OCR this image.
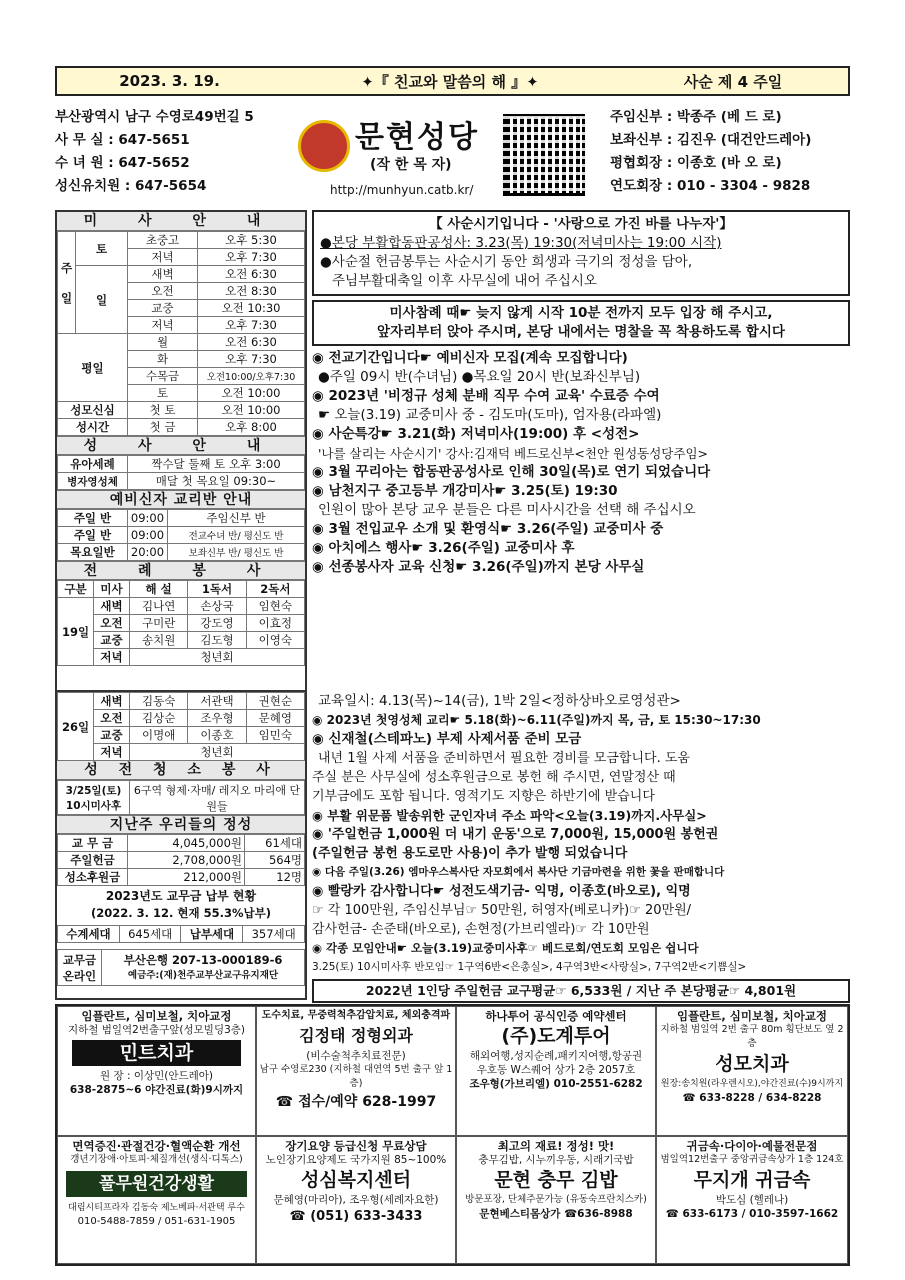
2023. 3. 19.	✦『 친교와 말씀의 해 』✦	사순 제 4 주일
부산광역시 남구 수영로49번길 5
사 무 실 : 647-5651
수 녀 원 : 647-5652
성신유치원 : 647-5654
문현성당
(작 한 목 자)
http://munhyun.catb.kr/
주임신부 : 박종주 (베 드 로)
보좌신부 : 김진우 (대건안드레아)
평협회장 : 이종호 (바 오 로)
연도회장 : 010 - 3304 - 9828
미 사 안 내
주

일	토	초중고	오후 5:30
		저녁	오후 7:30
	일	새벽	오전 6:30
		오전	오전 8:30
		교중	오전 10:30
		저녁	오후 7:30
평일		월	오전 6:30
		화	오후 7:30
		수목금	오전10:00/오후7:30
		토	오전 10:00
성모신심		첫 토	오전 10:00
성시간		첫 금	오후 8:00
성 사 안 내
유아세례	짝수달 둘째 토 오후 3:00
병자영성체	매달 첫 목요일 09:30~
예비신자 교리반 안내
주일 반	09:00	주임신부 반
주일 반	09:00	전교수녀 반/ 평신도 반
목요일반	20:00	보좌신부 반/ 평신도 반
전 례 봉 사
구분	미사	해 설	1독서	2독서
19일	새벽	김나연	손상국	임현숙
	오전	구미란	강도영	이효정
	교중	송치원	김도형	이영숙
	저녁	청년회		
26일	새벽	김동숙	서관택	권현순
	오전	김상순	조우형	문혜영
	교중	이명애	이종호	임민숙
	저녁	청년회		
성 전 청 소 봉 사
3/25일(토) 10시미사후	6구역 형제·자매/ 레지오 마리애 단원들
지난주 우리들의 정성
교 무 금	4,045,000원	61세대
주일헌금	2,708,000원	564명
성소후원금	212,000원	12명
2023년도 교무금 납부 현황
(2022. 3. 12. 현재 55.3%납부)
수계세대	645세대	납부세대	357세대
교무금 온라인	
부산은행 207-13-000189-6
예금주:(재)천주교부산교구유지재단
【 사순시기입니다 - '사랑으로 가진 바를 나누자'】
●본당 부활합동판공성사: 3.23(목) 19:30(저녁미사는 19:00 시작)
●사순절 헌금봉투는 사순시기 동안 희생과 극기의 정성을 담아,
주님부활대축일 이후 사무실에 내어 주십시오
미사참례 때☛ 늦지 않게 시작 10분 전까지 모두 입장 해 주시고,
앞자리부터 앉아 주시며, 본당 내에서는 명찰을 꼭 착용하도록 합시다
◉ 전교기간입니다☛ 예비신자 모집(계속 모집합니다)
●주일 09시 반(수녀님) ●목요일 20시 반(보좌신부님)
◉ 2023년 '비정규 성체 분배 직무 수여 교육' 수료증 수여
☛ 오늘(3.19) 교중미사 중 - 김도마(도마), 엄자용(라파엘)
◉ 사순특강☛ 3.21(화) 저녁미사(19:00) 후 <성전>
'나를 살리는 사순시기' 강사:김재덕 베드로신부<천안 원성동성당주임>
◉ 3월 꾸리아는 합동판공성사로 인해 30일(목)로 연기 되었습니다
◉ 남천지구 중고등부 개강미사☛ 3.25(토) 19:30
인원이 많아 본당 교우 분들은 다른 미사시간을 선택 해 주십시오
◉ 3월 전입교우 소개 및 환영식☛ 3.26(주일) 교중미사 중
◉ 아치에스 행사☛ 3.26(주일) 교중미사 후
◉ 선종봉사자 교육 신청☛ 3.26(주일)까지 본당 사무실
교육일시: 4.13(목)~14(금), 1박 2일<정하상바오로영성관>
◉ 2023년 첫영성체 교리☛ 5.18(화)~6.11(주일)까지 목, 금, 토 15:30~17:30
◉ 신재철(스테파노) 부제 사제서품 준비 모금
내년 1월 사제 서품을 준비하면서 필요한 경비를 모금합니다. 도움
주실 분은 사무실에 성소후원금으로 봉헌 해 주시면, 연말정산 때
기부금에도 포함 됩니다. 영적기도 지향은 하반기에 받습니다
◉ 부활 위문품 발송위한 군인자녀 주소 파악<오늘(3.19)까지.사무실>
◉ '주일헌금 1,000원 더 내기 운동'으로 7,000원, 15,000원 봉헌권
(주일헌금 봉헌 용도로만 사용)이 추가 발행 되었습니다
◉ 다음 주일(3.26) 엠마우스복사단 자모회에서 복사단 기금마련을 위한 꽃을 판매합니다
◉ 빨랑카 감사합니다☛ 성전도색기금- 익명, 이종호(바오로), 익명
☞ 각 100만원, 주임신부님☞ 50만원, 허영자(베로니카)☞ 20만원/
감사헌금- 손준태(바오로), 손현정(가브리엘라)☞ 각 10만원
◉ 각종 모임안내☛ 오늘(3.19)교중미사후☞ 베드로회/연도회 모임은 쉽니다
3.25(토) 10시미사후 반모임☞ 1구역6반<은총실>, 4구역3반<사랑실>, 7구역2반<기쁨실>
2022년 1인당 주일헌금 교구평균☞ 6,533원 / 지난 주 본당평균☞ 4,801원
임플란트, 심미보철, 치아교정
지하철 범일역2번출구앞(성모빌딩3층)
민트치과
원 장 : 이상민(안드레아)
638-2875~6 야간진료(화)9시까지
도수치료, 무중력척추감압치료, 체외충격파
김정태 정형외과
(비수술척추치료전문)
남구 수영로230 (지하철 대연역 5번 출구 앞 1층)
☎ 접수/예약 628-1997
하나투어 공식인증 예약센터
(주)도계투어
해외여행,성지순례,패키지여행,항공권
우호동 W스퀘어 상가 2층 2057호
조우형(가브리엘) 010-2551-6282
임플란트, 심미보철, 치아교정
지하철 범일역 2번 출구 80m 횡단보도 옆 2층
성모치과
원장:송치원(라우렌시오),야간진료(수)9시까지
☎ 633-8228 / 634-8228
면역증진·관절건강·혈액순환 개선
갱년기장애·아토피·체질개선(생식·디톡스)
풀무원건강생활
대림시티프라자 김동숙 제노베파·서관택 루수
010-5488-7859 / 051-631-1905
장기요양 등급신청 무료상담
노인장기요양제도 국가지원 85~100%
성심복지센터
문혜영(마리아), 조우형(세례자요한)
☎ (051) 633-3433
최고의 재료! 정성! 맛!
충무김밥, 시누끼우동, 시래기국밥
문현 충무 김밥
방문포장, 단체주문가능 (유동숙프란치스카)
문현베스티몸상가 ☎636-8988
귀금속·다이아·예물전문점
범일역12번출구 중앙귀금속상가 1층 124호
무지개 귀금속
박도심 (헬레나)
☎ 633-6173 / 010-3597-1662
